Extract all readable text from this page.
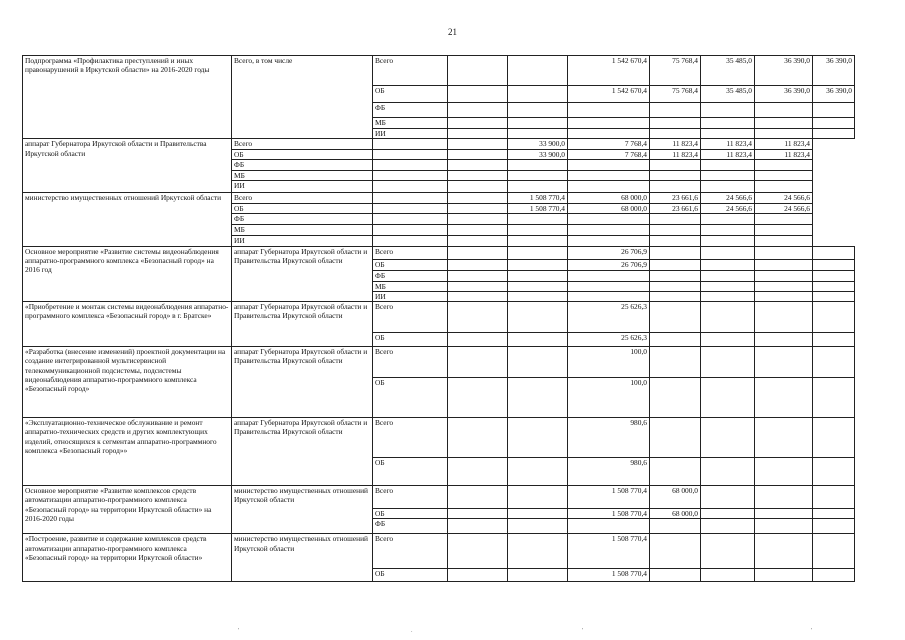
21
Подпрограмма «Профилактика преступлений и иных правонарушений в Иркутской области» на 2016-2020 годы	Всего, в том числе	Всего			1 542 670,4	75 768,4	35 485,0	36 390,0	36 390,0
		ОБ			1 542 670,4	75 768,4	35 485,0	36 390,0	36 390,0
		ФБ							
		МБ							
		ИИ							
аппарат Губернатора Иркутской области и Правительства Иркутской области	Всего			33 900,0	7 768,4	11 823,4	11 823,4	11 823,4	
	ОБ			33 900,0	7 768,4	11 823,4	11 823,4	11 823,4	
	ФБ								
	МБ								
	ИИ								
министерство имущественных отношений Иркутской области	Всего			1 508 770,4	68 000,0	23 661,6	24 566,6	24 566,6	
	ОБ			1 508 770,4	68 000,0	23 661,6	24 566,6	24 566,6	
	ФБ								
	МБ								
	ИИ								
Основное мероприятие «Развитие системы видеонаблюдения аппаратно-программного комплекса «Безопасный город» на 2016 год	аппарат Губернатора Иркутской области и Правительства Иркутской области	Всего			26 706,9				
		ОБ			26 706,9				
		ФБ							
		МБ							
		ИИ							
«Приобретение и монтаж системы видеонаблюдения аппаратно-программного комплекса «Безопасный город» в г. Братске»	аппарат Губернатора Иркутской области и Правительства Иркутской области	Всего			25 626,3				
		ОБ			25 626,3				
«Разработка (внесение изменений) проектной документации на создание интегрированной мультисервисной телекоммуникационной подсистемы, подсистемы видеонаблюдения аппаратно-программного комплекса «Безопасный город»	аппарат Губернатора Иркутской области и Правительства Иркутской области	Всего			100,0				
		ОБ			100,0				
«Эксплуатационно-техническое обслуживание и ремонт аппаратно-технических средств и других комплектующих изделий, относящихся к сегментам аппаратно-программного комплекса «Безопасный город»»	аппарат Губернатора Иркутской области и Правительства Иркутской области	Всего			980,6				
		ОБ			980,6				
Основное мероприятие «Развитие комплексов средств автоматизации аппаратно-программного комплекса «Безопасный город» на территории Иркутской области» на 2016-2020 годы	министерство имущественных отношений Иркутской области	Всего			1 508 770,4	68 000,0			
		ОБ			1 508 770,4	68 000,0			
		ФБ							
«Построение, развитие и содержание комплексов средств автоматизации аппаратно-программного комплекса «Безопасный город» на территории Иркутской области»	министерство имущественных отношений Иркутской области	Всего			1 508 770,4				
		ОБ			1 508 770,4				
'	.	'	'
